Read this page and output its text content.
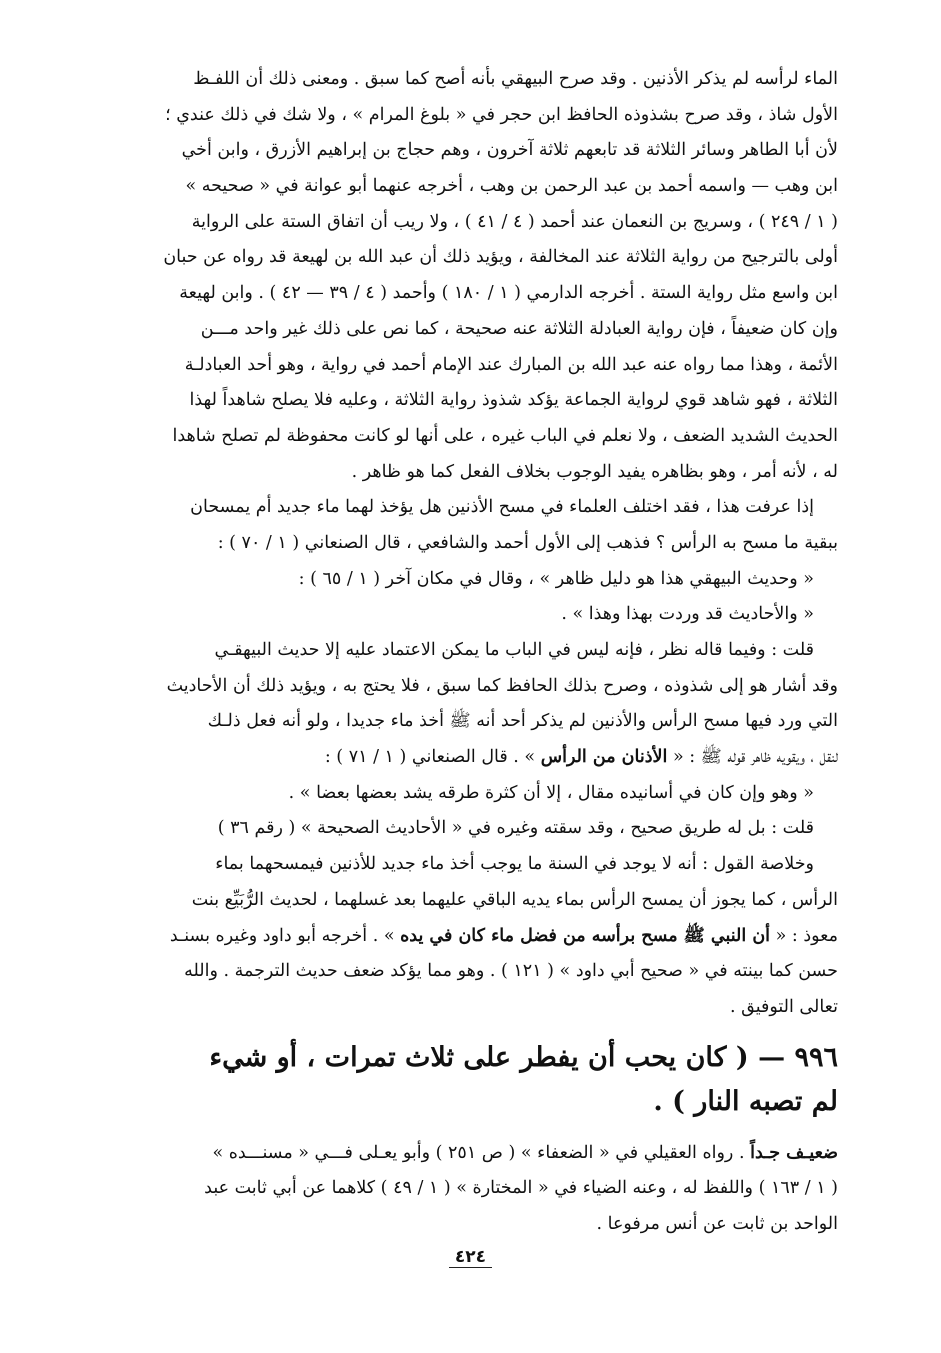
الماء لرأسه لم يذكر الأذنين . وقد صرح البيهقي بأنه أصح كما سبق . ومعنى ذلك أن اللفـظ
الأول شاذ ، وقد صرح بشذوذه الحافظ ابن حجر في « بلوغ المرام » ، ولا شك في ذلك عندي ؛
لأن أبا الطاهر وسائر الثلاثة قد تابعهم ثلاثة آخرون ، وهم حجاج بن إبراهيم الأزرق ، وابن أخي
ابن وهب — واسمه أحمد بن عبد الرحمن بن وهب ، أخرجه عنهما أبو عوانة في « صحيحه »
( ١ / ٢٤٩ ) ، وسريج بن النعمان عند أحمد ( ٤ / ٤١ ) ، ولا ريب أن اتفاق الستة على الرواية
أولى بالترجيح من رواية الثلاثة عند المخالفة ، ويؤيد ذلك أن عبد الله بن لهيعة قد رواه عن حبان
ابن واسع مثل رواية الستة . أخرجه الدارمي ( ١ / ١٨٠ ) وأحمد ( ٤ / ٣٩ — ٤٢ ) . وابن لهيعة
وإن كان ضعيفاً ، فإن رواية العبادلة الثلاثة عنه صحيحة ، كما نص على ذلك غير واحد مـــن
الأئمة ، وهذا مما رواه عنه عبد الله بن المبارك عند الإمام أحمد في رواية ، وهو أحد العبادلـة
الثلاثة ، فهو شاهد قوي لرواية الجماعة يؤكد شذوذ رواية الثلاثة ، وعليه فلا يصلح شاهداً لهذا
الحديث الشديد الضعف ، ولا نعلم في الباب غيره ، على أنها لو كانت محفوظة لم تصلح شاهدا
له ، لأنه أمر ، وهو بظاهره يفيد الوجوب بخلاف الفعل كما هو ظاهر .
إذا عرفت هذا ، فقد اختلف العلماء في مسح الأذنين هل يؤخذ لهما ماء جديد أم يمسحان
ببقية ما مسح به الرأس ؟ فذهب إلى الأول أحمد والشافعي ، قال الصنعاني ( ١ / ٧٠ ) :
« وحديث البيهقي هذا هو دليل ظاهر » ، وقال في مكان آخر ( ١ / ٦٥ ) :
« والأحاديث قد وردت بهذا وهذا » .
قلت : وفيما قاله نظر ، فإنه ليس في الباب ما يمكن الاعتماد عليه إلا حديث البيهقـي
وقد أشار هو إلى شذوذه ، وصرح بذلك الحافظ كما سبق ، فلا يحتج به ، ويؤيد ذلك أن الأحاديث
التي ورد فيها مسح الرأس والأذنين لم يذكر أحد أنه ﷺ أخذ ماء جديدا ، ولو أنه فعل ذلـك
لنقل ، ويقويه ظاهر قوله ﷺ : « الأذنان من الرأس » . قال الصنعاني ( ١ / ٧١ ) :
« وهو وإن كان في أسانيده مقال ، إلا أن كثرة طرقه يشد بعضها بعضا » .
قلت : بل له طريق صحيح ، وقد سقته وغيره في « الأحاديث الصحيحة » ( رقم ٣٦ )
وخلاصة القول : أنه لا يوجد في السنة ما يوجب أخذ ماء جديد للأذنين فيمسحهما بماء
الرأس ، كما يجوز أن يمسح الرأس بماء يديه الباقي عليهما بعد غسلهما ، لحديث الرُّبَيِّع بنت
معوذ : « أن النبي ﷺ مسح برأسه من فضل ماء كان في يده » . أخرجه أبو داود وغيره بسنـد
حسن كما بينته في « صحيح أبي داود » ( ١٢١ ) . وهو مما يؤكد ضعف حديث الترجمة . والله
تعالى التوفيق .
٩٩٦ — ( كان يحب أن يفطر على ثلاث تمرات ، أو شيء
لم تصبه النار ) .
ضعيـف جـداً . رواه العقيلي في « الضعفاء » ( ص ٢٥١ ) وأبو يعـلى فـــي « مسنـــده »
( ١ / ١٦٣ ) واللفظ له ، وعنه الضياء في « المختارة » ( ١ / ٤٩ ) كلاهما عن أبي ثابت عبد
الواحد بن ثابت عن أنس مرفوعا .
٤٢٤
